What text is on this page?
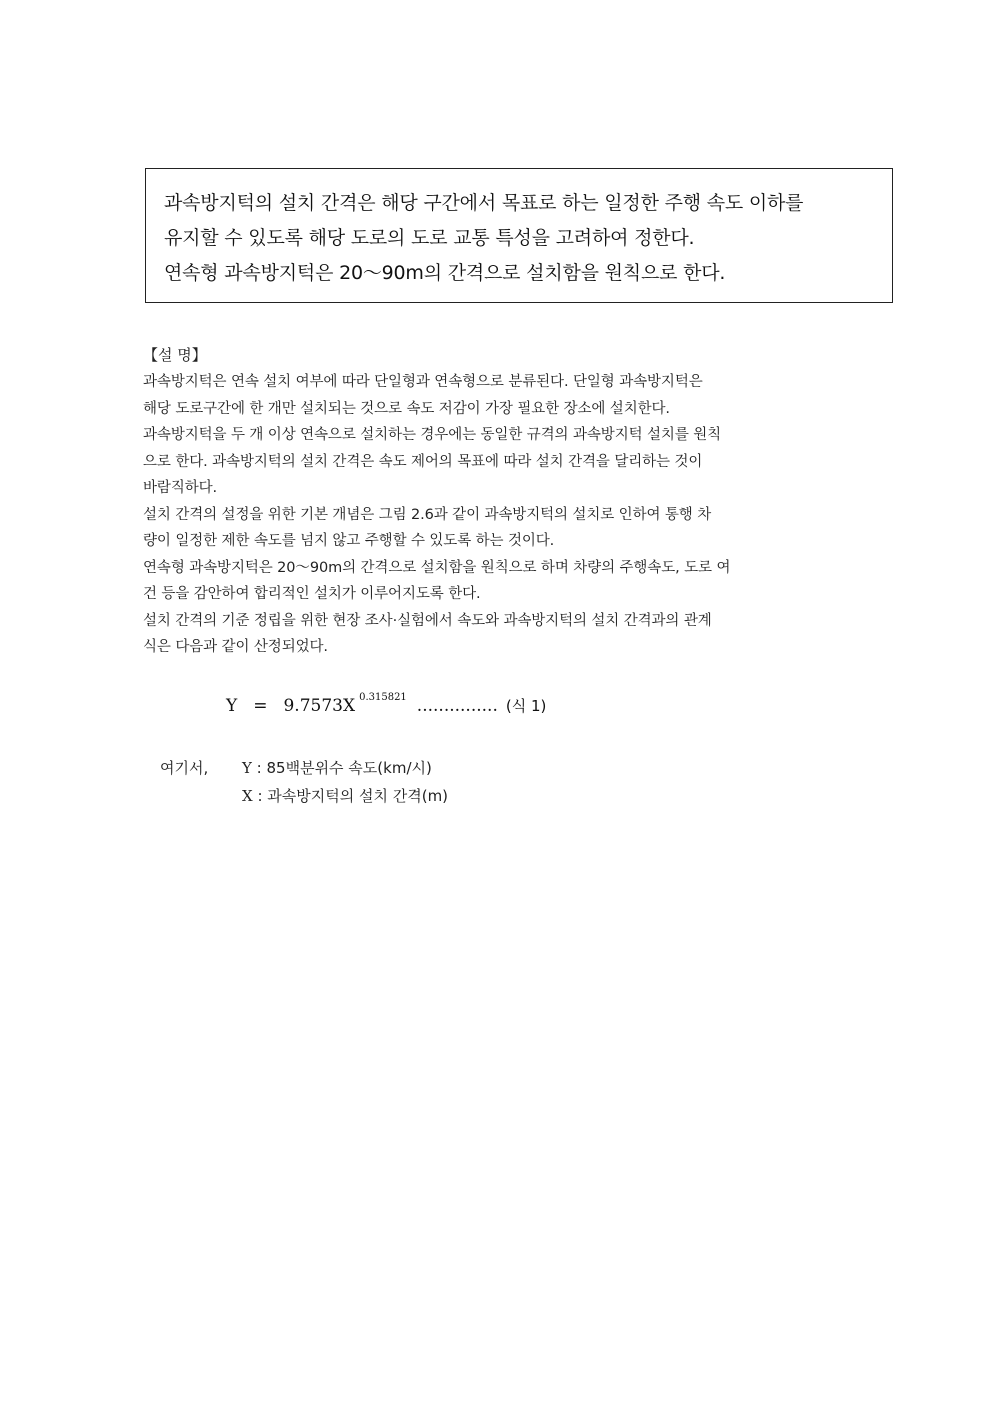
과속방지턱의 설치 간격은 해당 구간에서 목표로 하는 일정한 주행 속도 이하를
유지할 수 있도록 해당 도로의 도로 교통 특성을 고려하여 정한다.
연속형 과속방지턱은 20～90m의 간격으로 설치함을 원칙으로 한다.
【설 명】
과속방지턱은 연속 설치 여부에 따라 단일형과 연속형으로 분류된다. 단일형 과속방지턱은
해당 도로구간에 한 개만 설치되는 것으로 속도 저감이 가장 필요한 장소에 설치한다.
과속방지턱을 두 개 이상 연속으로 설치하는 경우에는 동일한 규격의 과속방지턱 설치를 원칙
으로 한다. 과속방지턱의 설치 간격은 속도 제어의 목표에 따라 설치 간격을 달리하는 것이
바람직하다.
설치 간격의 설정을 위한 기본 개념은 그림 2.6과 같이 과속방지턱의 설치로 인하여 통행 차
량이 일정한 제한 속도를 넘지 않고 주행할 수 있도록 하는 것이다.
연속형 과속방지턱은 20～90m의 간격으로 설치함을 원칙으로 하며 차량의 주행속도, 도로 여
건 등을 감안하여 합리적인 설치가 이루어지도록 한다.
설치 간격의 기준 정립을 위한 현장 조사·실험에서 속도와 과속방지턱의 설치 간격과의 관계
식은 다음과 같이 산정되었다.
Y = 9.7573X $^{0.315821}$ ............... (식 1)
여기서, Y : 85백분위수 속도(km/시)
X : 과속방지턱의 설치 간격(m)
